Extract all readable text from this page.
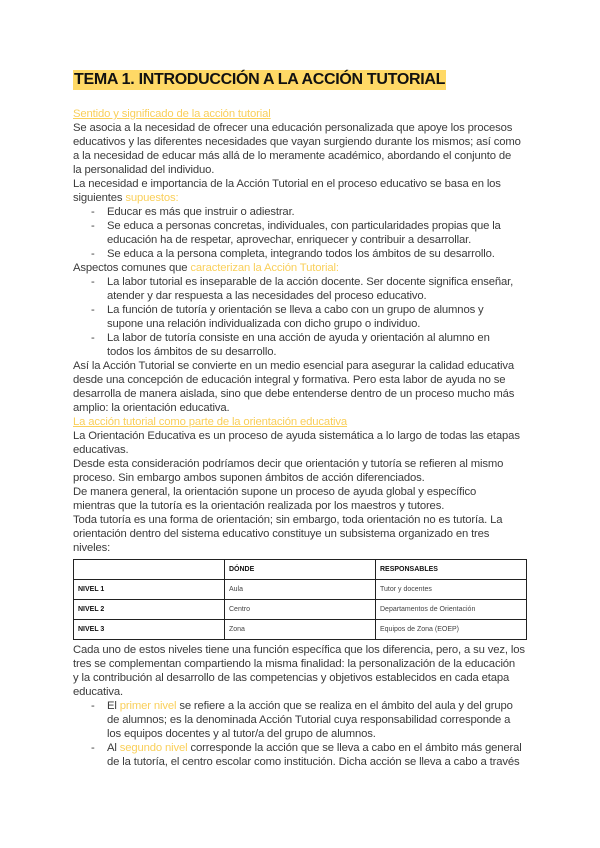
TEMA 1. INTRODUCCIÓN A LA ACCIÓN TUTORIAL
Sentido y significado de la acción tutorial
Se asocia a la necesidad de ofrecer una educación personalizada que apoye los procesos
educativos y las diferentes necesidades que vayan surgiendo durante los mismos; así como
a la necesidad de educar más allá de lo meramente académico, abordando el conjunto de
la personalidad del individuo.
La necesidad e importancia de la Acción Tutorial en el proceso educativo se basa en los
siguientes supuestos:
Educar es más que instruir o adiestrar.
-
Se educa a personas concretas, individuales, con particularidades propias que la
-
educación ha de respetar, aprovechar, enriquecer y contribuir a desarrollar.
Se educa a la persona completa, integrando todos los ámbitos de su desarrollo.
-
Aspectos comunes que caracterizan la Acción Tutorial:
La labor tutorial es inseparable de la acción docente. Ser docente significa enseñar,
-
atender y dar respuesta a las necesidades del proceso educativo.
La función de tutoría y orientación se lleva a cabo con un grupo de alumnos y
-
supone una relación individualizada con dicho grupo o individuo.
La labor de tutoría consiste en una acción de ayuda y orientación al alumno en
-
todos los ámbitos de su desarrollo.
Así la Acción Tutorial se convierte en un medio esencial para asegurar la calidad educativa
desde una concepción de educación integral y formativa. Pero esta labor de ayuda no se
desarrolla de manera aislada, sino que debe entenderse dentro de un proceso mucho más
amplio: la orientación educativa.
La acción tutorial como parte de la orientación educativa
La Orientación Educativa es un proceso de ayuda sistemática a lo largo de todas las etapas
educativas.
Desde esta consideración podríamos decir que orientación y tutoría se refieren al mismo
proceso. Sin embargo ambos suponen ámbitos de acción diferenciados.
De manera general, la orientación supone un proceso de ayuda global y específico
mientras que la tutoría es la orientación realizada por los maestros y tutores.
Toda tutoría es una forma de orientación; sin embargo, toda orientación no es tutoría. La
orientación dentro del sistema educativo constituye un subsistema organizado en tres
niveles:
	DÓNDE	RESPONSABLES
NIVEL 1	Aula	Tutor y docentes
NIVEL 2	Centro	Departamentos de Orientación
NIVEL 3	Zona	Equipos de Zona (EOEP)
Cada uno de estos niveles tiene una función específica que los diferencia, pero, a su vez, los
tres se complementan compartiendo la misma finalidad: la personalización de la educación
y la contribución al desarrollo de las competencias y objetivos establecidos en cada etapa
educativa.
El primer nivel se refiere a la acción que se realiza en el ámbito del aula y del grupo
-
de alumnos; es la denominada Acción Tutorial cuya responsabilidad corresponde a
los equipos docentes y al tutor/a del grupo de alumnos.
Al segundo nivel corresponde la acción que se lleva a cabo en el ámbito más general
-
de la tutoría, el centro escolar como institución. Dicha acción se lleva a cabo a través
